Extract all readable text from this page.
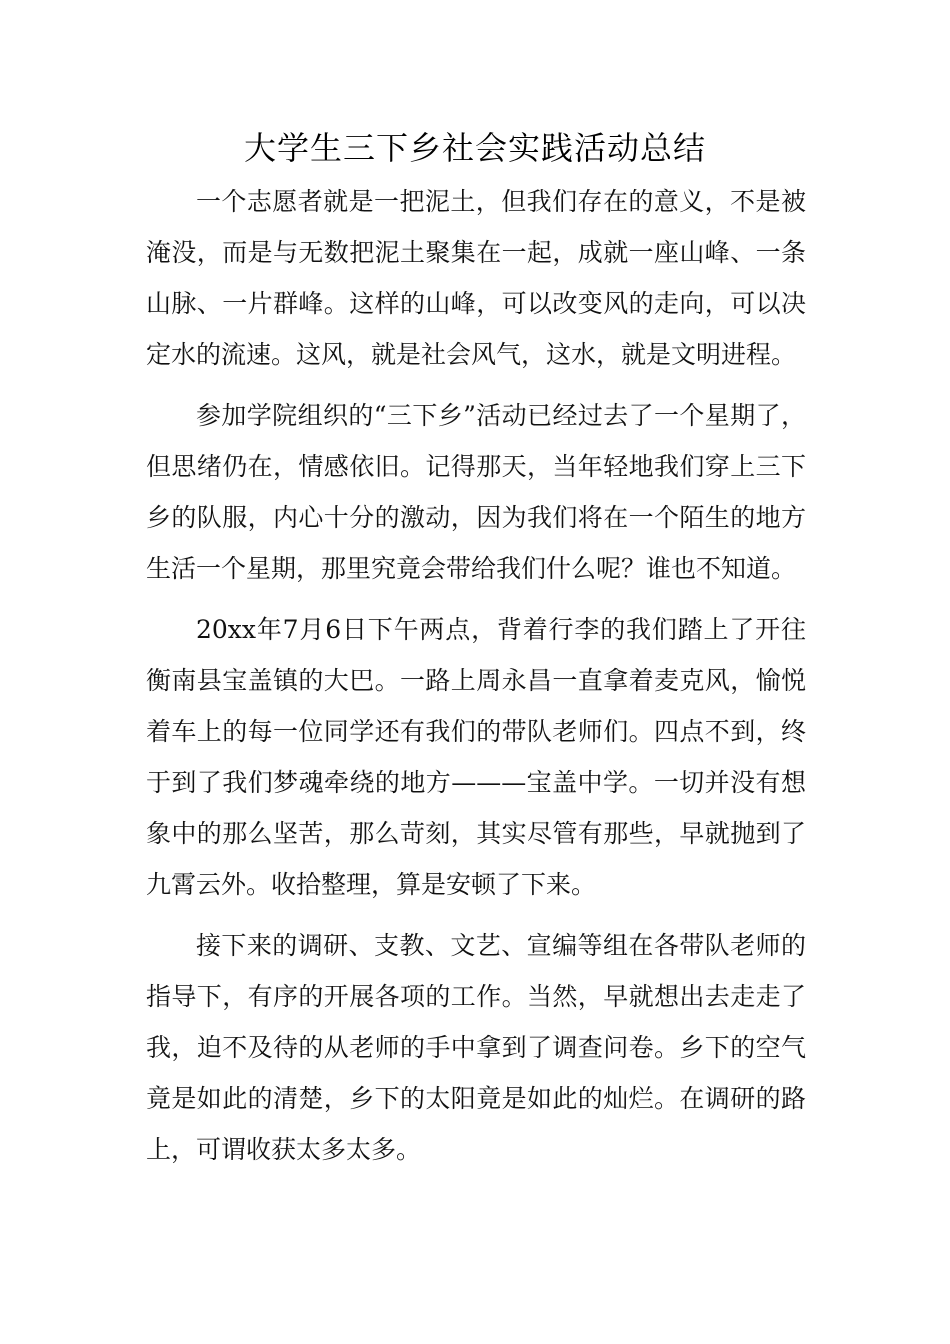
大学生三下乡社会实践活动总结

一个志愿者就是一把泥土，但我们存在的意义，不是被淹没，而是与无数把泥土聚集在一起，成就一座山峰、一条山脉、一片群峰。这样的山峰，可以改变风的走向，可以决定水的流速。这风，就是社会风气，这水，就是文明进程。

参加学院组织的“三下乡”活动已经过去了一个星期了，但思绪仍在，情感依旧。记得那天，当年轻地我们穿上三下乡的队服，内心十分的激动，因为我们将在一个陌生的地方生活一个星期，那里究竟会带给我们什么呢？谁也不知道。

20xx年7月6日下午两点，背着行李的我们踏上了开往衡南县宝盖镇的大巴。一路上周永昌一直拿着麦克风，愉悦着车上的每一位同学还有我们的带队老师们。四点不到，终于到了我们梦魂牵绕的地方———宝盖中学。一切并没有想象中的那么坚苦，那么苛刻，其实尽管有那些，早就抛到了九霄云外。收拾整理，算是安顿了下来。

接下来的调研、支教、文艺、宣编等组在各带队老师的指导下，有序的开展各项的工作。当然，早就想出去走走了我，迫不及待的从老师的手中拿到了调查问卷。乡下的空气竟是如此的清楚，乡下的太阳竟是如此的灿烂。在调研的路上，可谓收获太多太多。
